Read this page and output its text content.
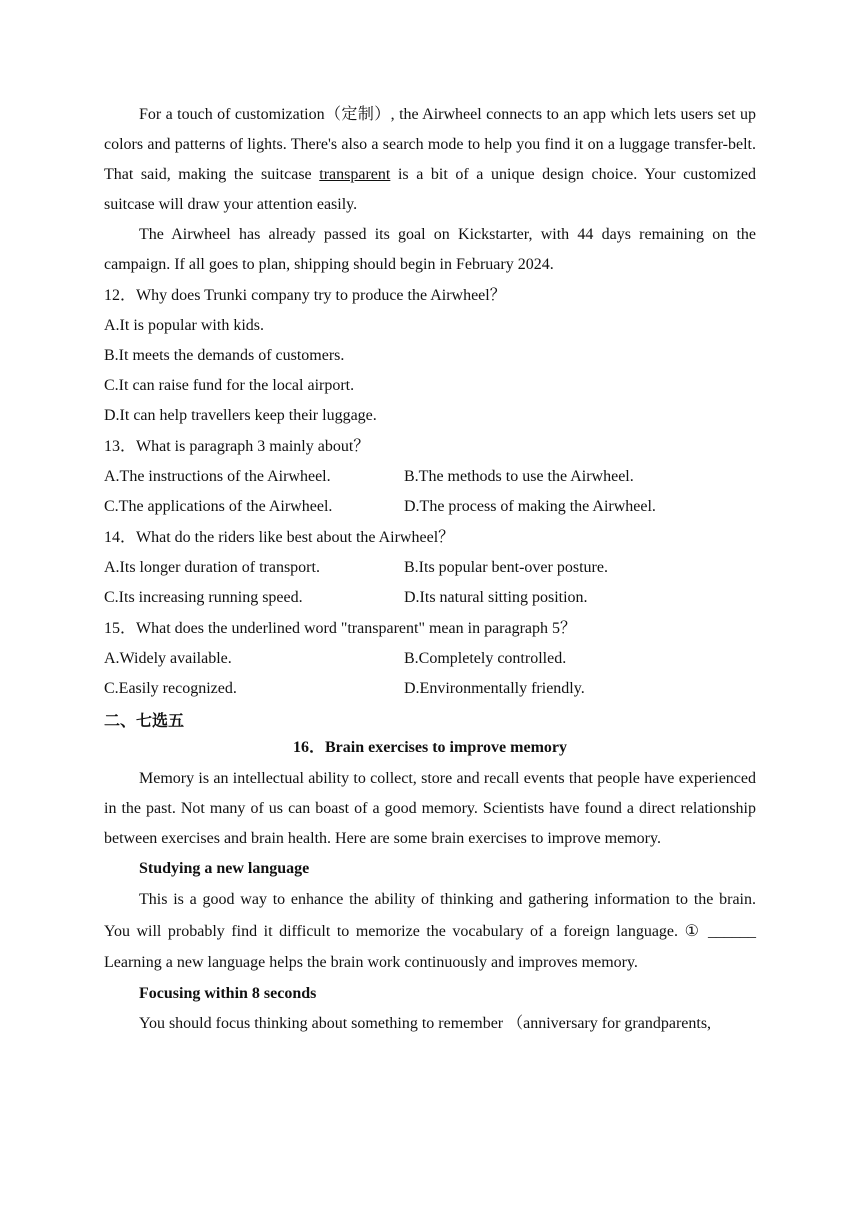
For a touch of customization（定制）, the Airwheel connects to an app which lets users set up colors and patterns of lights. There's also a search mode to help you find it on a luggage transfer-belt. That said, making the suitcase transparent is a bit of a unique design choice. Your customized suitcase will draw your attention easily.

The Airwheel has already passed its goal on Kickstarter, with 44 days remaining on the campaign. If all goes to plan, shipping should begin in February 2024.

12．Why does Trunki company try to produce the Airwheel？

A.It is popular with kids.

B.It meets the demands of customers.

C.It can raise fund for the local airport.

D.It can help travellers keep their luggage.

13．What is paragraph 3 mainly about？

A.The instructions of the Airwheel.	B.The methods to use the Airwheel.
C.The applications of the Airwheel.	D.The process of making the Airwheel.

14．What do the riders like best about the Airwheel？

A.Its longer duration of transport.	B.Its popular bent-over posture.
C.Its increasing running speed.	D.Its natural sitting position.

15．What does the underlined word "transparent" mean in paragraph 5？

A.Widely available.	B.Completely controlled.
C.Easily recognized.	D.Environmentally friendly.

二、七选五

16．Brain exercises to improve memory

Memory is an intellectual ability to collect, store and recall events that people have experienced in the past. Not many of us can boast of a good memory. Scientists have found a direct relationship between exercises and brain health. Here are some brain exercises to improve memory.

Studying a new language

This is a good way to enhance the ability of thinking and gathering information to the brain. You will probably find it difficult to memorize the vocabulary of a foreign language. ① ______ Learning a new language helps the brain work continuously and improves memory.

Focusing within 8 seconds

You should focus thinking about something to remember （anniversary for grandparents,
